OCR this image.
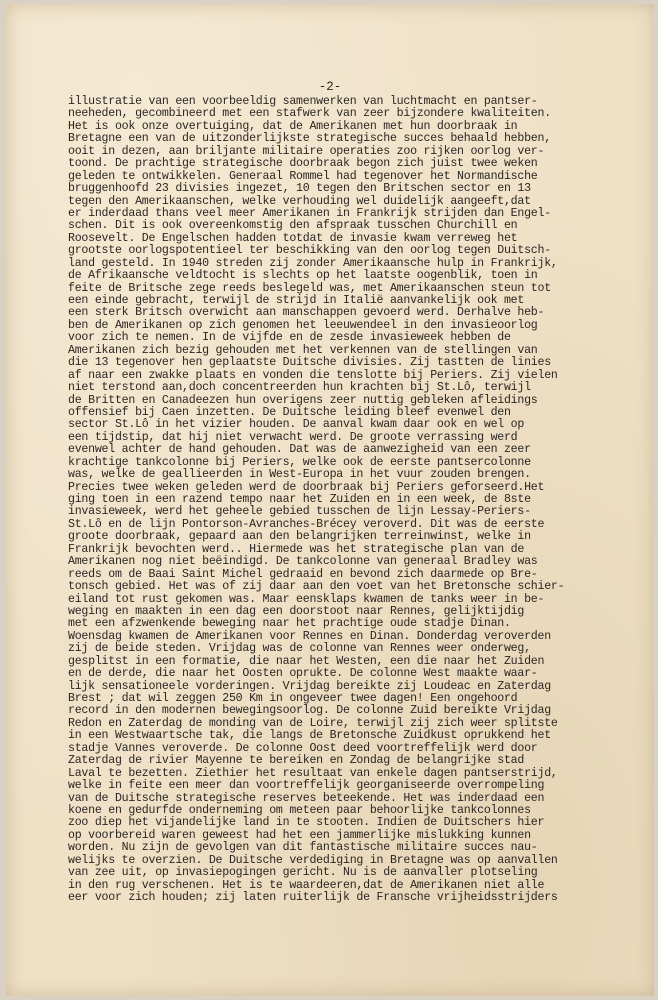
-2-

illustratie van een voorbeeldig samenwerken van luchtmacht en pantser-
neeheden, gecombineerd met een stafwerk van zeer bijzondere kwaliteiten.
Het is ook onze overtuiging, dat de Amerikanen met hun doorbraak in
Bretagne een van de uitzonderlijkste strategische succes behaald hebben,
ooit in dezen, aan briljante militaire operaties zoo rijken oorlog ver-
toond. De prachtige strategische doorbraak begon zich juist twee weken
geleden te ontwikkelen. Generaal Rommel had tegenover het Normandische
bruggenhoofd 23 divisies ingezet, 10 tegen den Britschen sector en 13
tegen den Amerikaanschen, welke verhouding wel duidelijk aangeeft,dat
er inderdaad thans veel meer Amerikanen in Frankrijk strijden dan Engel-
schen. Dit is ook overeenkomstig den afspraak tusschen Churchill en
Roosevelt. De Engelschen hadden totdat de invasie kwam verreweg het
grootste oorlogspotentieel ter beschikking van den oorlog tegen Duitsch-
land gesteld. In 1940 streden zij zonder Amerikaansche hulp in Frankrijk,
de Afrikaansche veldtocht is slechts op het laatste oogenblik, toen in
feite de Britsche zege reeds beslegeld was, met Amerikaanschen steun tot
een einde gebracht, terwijl de strijd in Italië aanvankelijk ook met
een sterk Britsch overwicht aan manschappen gevoerd werd. Derhalve heb-
ben de Amerikanen op zich genomen het leeuwendeel in den invasieoorlog
voor zich te nemen. In de vijfde en de zesde invasieweek hebben de
Amerikanen zich bezig gehouden met het verkennen van de stellingen van
die 13 tegenover hen geplaatste Duitsche divisies. Zij tastten de linies
af naar een zwakke plaats en vonden die tenslotte bij Periers. Zij vielen
niet terstond aan,doch concentreerden hun krachten bij St.Lô, terwijl
de Britten en Canadeezen hun overigens zeer nuttig gebleken afleidings
offensief bij Caen inzetten. De Duitsche leiding bleef evenwel den
sector St.Lô in het vizier houden. De aanval kwam daar ook en wel op
een tijdstip, dat hij niet verwacht werd. De groote verrassing werd
evenwel achter de hand gehouden. Dat was de aanwezigheid van een zeer
krachtige tankcolonne bij Periers, welke ook de eerste pantsercolonne
was, welke de geallieerden in West-Europa in het vuur zouden brengen.
Precies twee weken geleden werd de doorbraak bij Periers geforseerd.Het
ging toen in een razend tempo naar het Zuiden en in een week, de 8ste
invasieweek, werd het geheele gebied tusschen de lijn Lessay-Periers-
St.Lô en de lijn Pontorson-Avranches-Brécey veroverd. Dit was de eerste
groote doorbraak, gepaard aan den belangrijken terreinwinst, welke in
Frankrijk bevochten werd.. Hiermede was het strategische plan van de
Amerikanen nog niet beëindigd. De tankcolonne van generaal Bradley was
reeds om de Baai Saint Michel gedraaid en bevond zich daarmede op Bre-
tonsch gebied. Het was of zij daar aan den voet van het Bretonsche schier-
eiland tot rust gekomen was. Maar eensklaps kwamen de tanks weer in be-
weging en maakten in een dag een doorstoot naar Rennes, gelijktijdig
met een afzwenkende beweging naar het prachtige oude stadje Dinan.
Woensdag kwamen de Amerikanen voor Rennes en Dinan. Donderdag veroverden
zij de beide steden. Vrijdag was de colonne van Rennes weer onderweg,
gesplitst in een formatie, die naar het Westen, een die naar het Zuiden
en de derde, die naar het Oosten oprukte. De colonne West maakte waar-
lijk sensationeele vorderingen. Vrijdag bereikte zij Loudeac en Zaterdag
Brest ; dat wil zeggen 250 Km in ongeveer twee dagen! Een ongehoord
record in den modernen bewegingsoorlog. De colonne Zuid bereikte Vrijdag
Redon en Zaterdag de monding van de Loire, terwijl zij zich weer splitste
in een Westwaartsche tak, die langs de Bretonsche Zuidkust oprukkend het
stadje Vannes veroverde. De colonne Oost deed voortreffelijk werd door
Zaterdag de rivier Mayenne te bereiken en Zondag de belangrijke stad
Laval te bezetten. Ziethier het resultaat van enkele dagen pantserstrijd,
welke in feite een meer dan voortreffelijk georganiseerde overrompeling
van de Duitsche strategische reserves beteekende. Het was inderdaad een
koene en gedurfde onderneming om meteen paar behoorlijke tankcolonnes
zoo diep het vijandelijke land in te stooten. Indien de Duitschers hier
op voorbereid waren geweest had het een jammerlijke mislukking kunnen
worden. Nu zijn de gevolgen van dit fantastische militaire succes nau-
welijks te overzien. De Duitsche verdediging in Bretagne was op aanvallen
van zee uit, op invasiepogingen gericht. Nu is de aanvaller plotseling
in den rug verschenen. Het is te waardeeren,dat de Amerikanen niet alle
eer voor zich houden; zij laten ruiterlijk de Fransche vrijheidsstrijders
